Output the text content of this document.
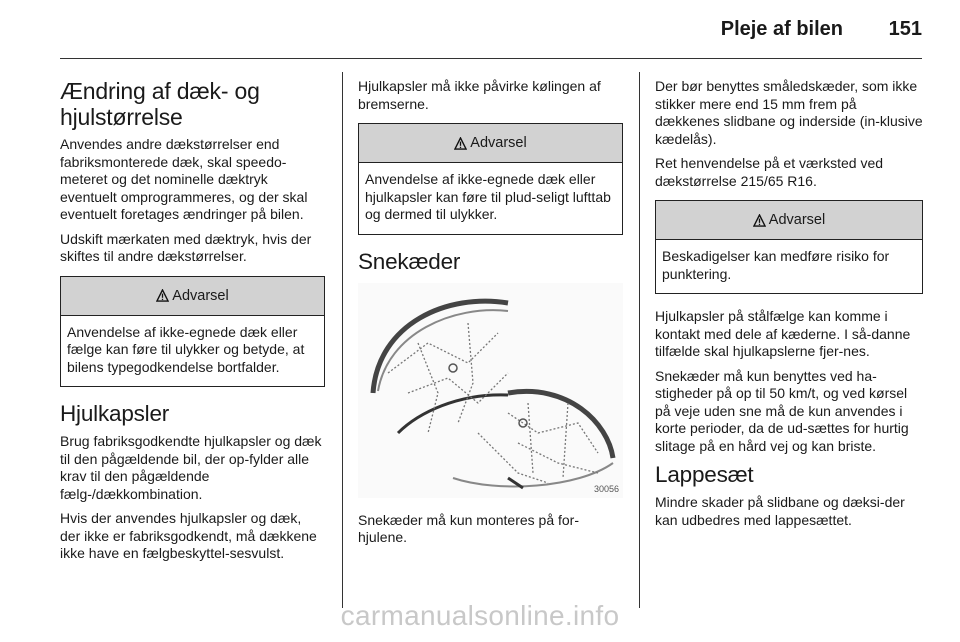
Pleje af bilen 151
Ændring af dæk- og hjulstørrelse

Anvendes andre dækstørrelser end fabriksmonterede dæk, skal speedo-meteret og det nominelle dæktryk eventuelt omprogrammeres, og der skal eventuelt foretages ændringer på bilen.

Udskift mærkaten med dæktryk, hvis der skiftes til andre dækstørrelser.

Advarsel
Anvendelse af ikke-egnede dæk eller fælge kan føre til ulykker og betyde, at bilens typegodkendelse bortfalder.
Hjulkapsler

Brug fabriksgodkendte hjulkapsler og dæk til den pågældende bil, der op-fylder alle krav til den pågældende fælg-/dækkombination.

Hvis der anvendes hjulkapsler og dæk, der ikke er fabriksgodkendt, må dækkene ikke have en fælgbeskyttel-sesvulst.

Hjulkapsler må ikke påvirke kølingen af bremserne.

Advarsel
Anvendelse af ikke-egnede dæk eller hjulkapsler kan føre til plud-seligt lufttab og dermed til ulykker.
Snekæder
30056

Snekæder må kun monteres på for-hjulene.

Der bør benyttes småledskæder, som ikke stikker mere end 15 mm frem på dækkenes slidbane og inderside (in-klusive kædelås).

Ret henvendelse på et værksted ved dækstørrelse 215/65 R16.

Advarsel
Beskadigelser kan medføre risiko for punktering.

Hjulkapsler på stålfælge kan komme i kontakt med dele af kæderne. I så-danne tilfælde skal hjulkapslerne fjer-nes.

Snekæder må kun benyttes ved ha-stigheder på op til 50 km/t, og ved kørsel på veje uden sne må de kun anvendes i korte perioder, da de ud-sættes for hurtig slitage på en hård vej og kan briste.

Lappesæt

Mindre skader på slidbane og dæksi-der kan udbedres med lappesættet.

carmanualsonline.info
